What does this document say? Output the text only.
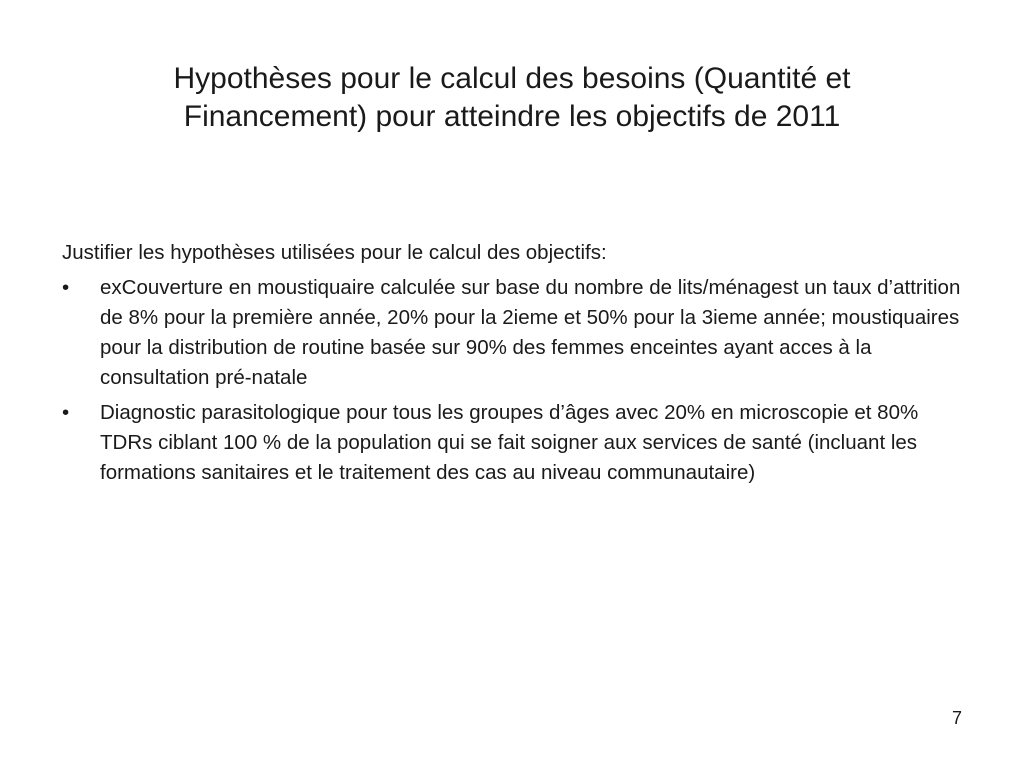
Hypothèses pour le calcul des besoins (Quantité et Financement) pour atteindre les objectifs de 2011

Justifier les hypothèses utilisées pour le calcul des objectifs:

•	exCouverture en moustiquaire calculée sur base du nombre de lits/ménagest un taux d’attrition de 8% pour la première année, 20% pour la 2ieme et 50% pour la 3ieme année; moustiquaires pour la distribution de routine basée sur 90% des femmes enceintes ayant acces à la consultation pré-natale
•	Diagnostic parasitologique pour tous les groupes d’âges avec 20% en microscopie et 80% TDRs ciblant 100 % de la population qui se fait soigner aux services de santé (incluant les formations sanitaires et le traitement des cas au niveau communautaire)
7
